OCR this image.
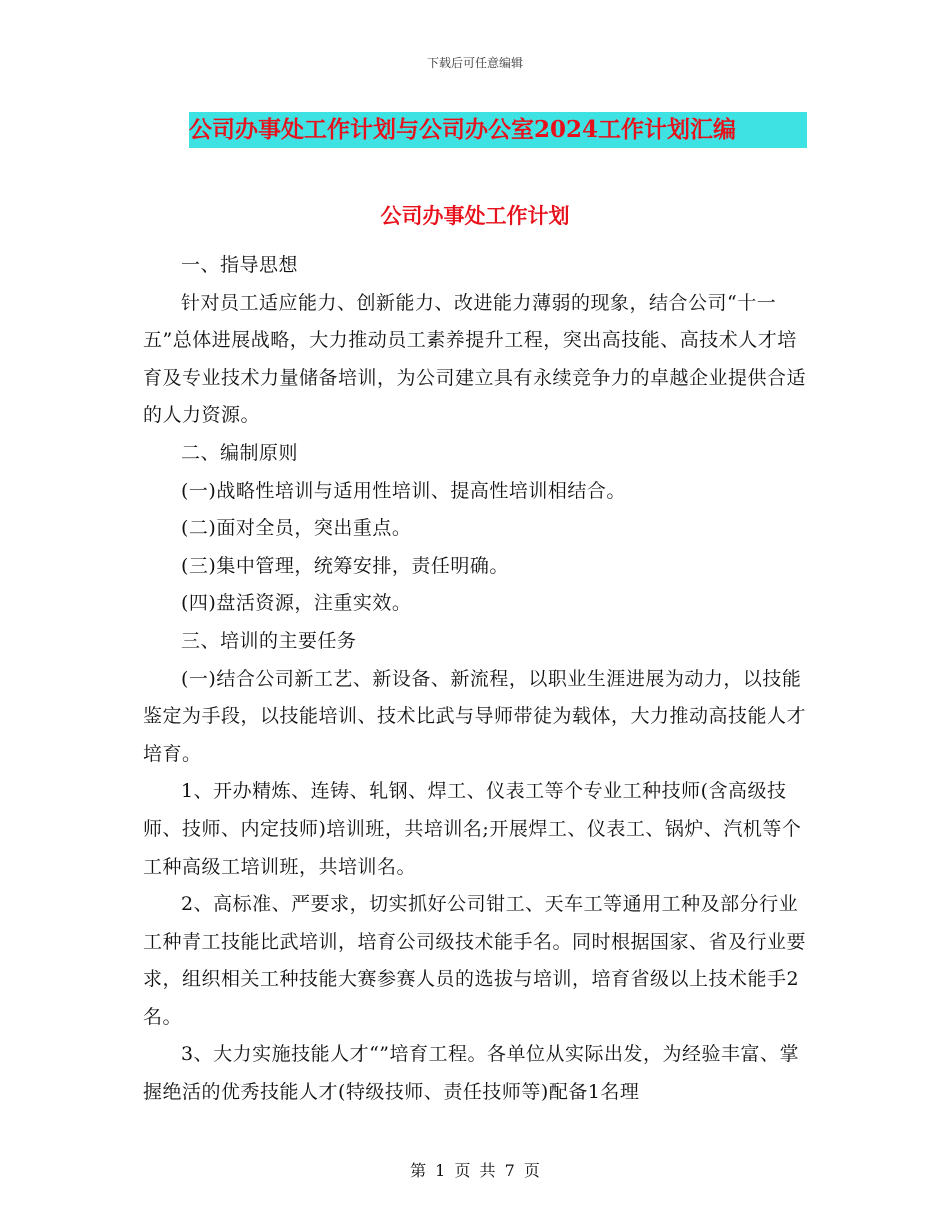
下载后可任意编辑
公司办事处工作计划与公司办公室2024工作计划汇编
公司办事处工作计划

一、指导思想

针对员工适应能力、创新能力、改进能力薄弱的现象，结合公司“十一五”总体进展战略，大力推动员工素养提升工程，突出高技能、高技术人才培育及专业技术力量储备培训，为公司建立具有永续竞争力的卓越企业提供合适的人力资源。

二、编制原则

(一)战略性培训与适用性培训、提高性培训相结合。

(二)面对全员，突出重点。

(三)集中管理，统筹安排，责任明确。

(四)盘活资源，注重实效。

三、培训的主要任务

(一)结合公司新工艺、新设备、新流程，以职业生涯进展为动力，以技能鉴定为手段，以技能培训、技术比武与导师带徒为载体，大力推动高技能人才培育。

1、开办精炼、连铸、轧钢、焊工、仪表工等个专业工种技师(含高级技师、技师、内定技师)培训班，共培训名;开展焊工、仪表工、锅炉、汽机等个工种高级工培训班，共培训名。

2、高标准、严要求，切实抓好公司钳工、天车工等通用工种及部分行业工种青工技能比武培训，培育公司级技术能手名。同时根据国家、省及行业要求，组织相关工种技能大赛参赛人员的选拔与培训，培育省级以上技术能手2名。

3、大力实施技能人才“”培育工程。各单位从实际出发，为经验丰富、掌握绝活的优秀技能人才(特级技师、责任技师等)配备1名理

第 1 页 共 7 页
